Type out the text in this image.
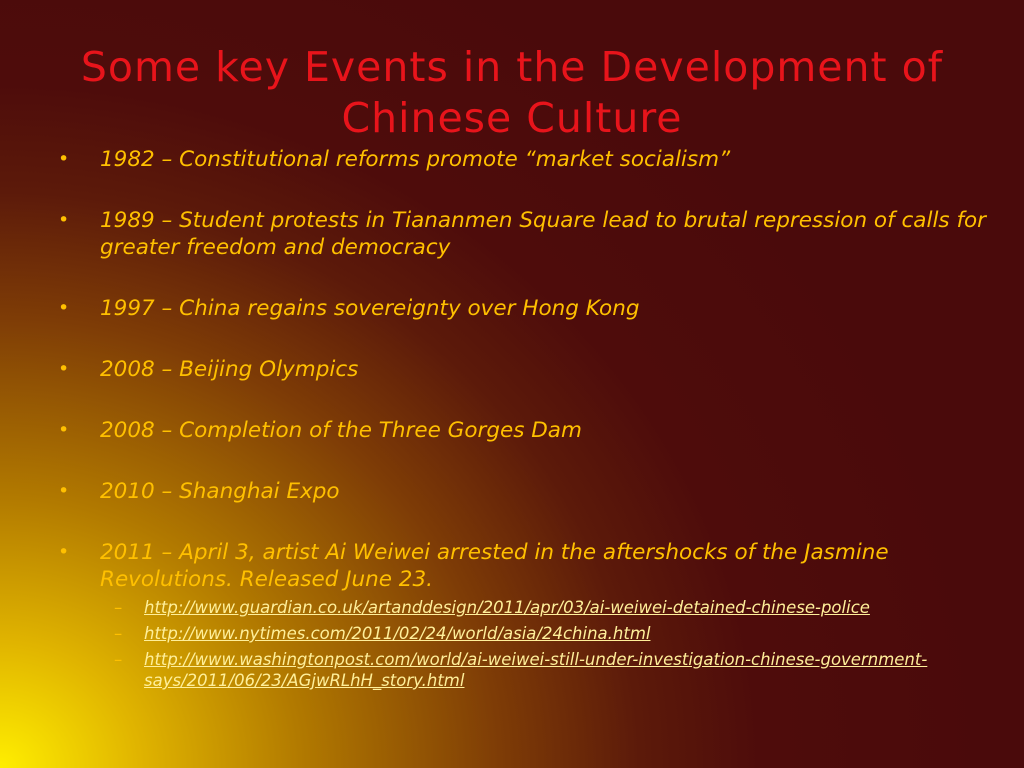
Some key Events in the Development of Chinese Culture
• 1982 – Constitutional reforms promote “market socialism”
• 1989 – Student protests in Tiananmen Square lead to brutal repression of calls for greater freedom and democracy
• 1997 – China regains sovereignty over Hong Kong
• 2008 – Beijing Olympics
• 2008 – Completion of the Three Gorges Dam
• 2010 – Shanghai Expo
• 2011 – April 3, artist Ai Weiwei arrested in the aftershocks of the Jasmine Revolutions. Released June 23.
– http://www.guardian.co.uk/artanddesign/2011/apr/03/ai-weiwei-detained-chinese-police
– http://www.nytimes.com/2011/02/24/world/asia/24china.html
– http://www.washingtonpost.com/world/ai-weiwei-still-under-investigation-chinese-government-says/2011/06/23/AGjwRLhH_story.html
